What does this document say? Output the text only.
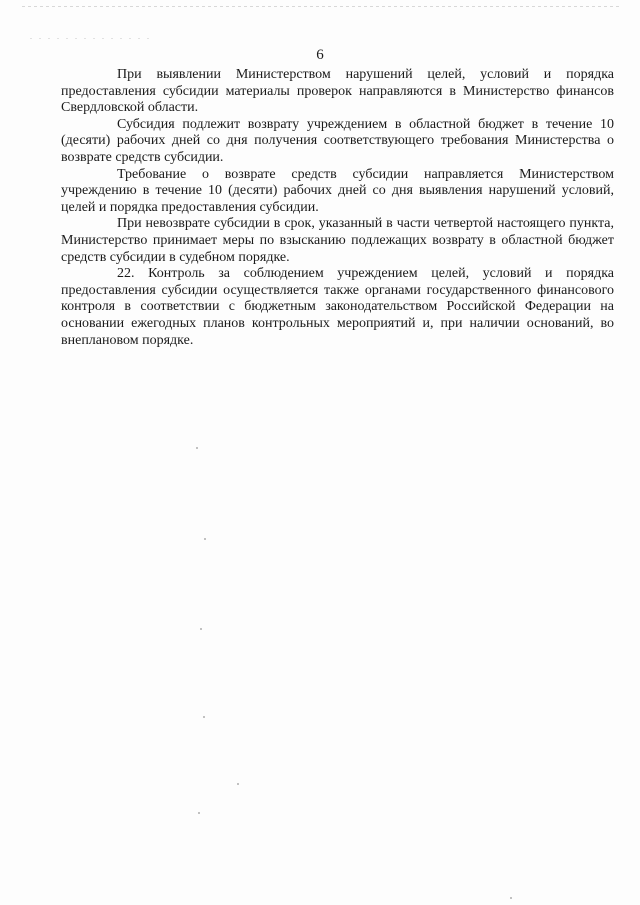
6

При выявлении Министерством нарушений целей, условий и порядка предоставления субсидии материалы проверок направляются в Министерство финансов Свердловской области.

Субсидия подлежит возврату учреждением в областной бюджет в течение 10 (десяти) рабочих дней со дня получения соответствующего требования Министерства о возврате средств субсидии.

Требование о возврате средств субсидии направляется Министерством учреждению в течение 10 (десяти) рабочих дней со дня выявления нарушений условий, целей и порядка предоставления субсидии.

При невозврате субсидии в срок, указанный в части четвертой настоящего пункта, Министерство принимает меры по взысканию подлежащих возврату в областной бюджет средств субсидии в судебном порядке.

22. Контроль за соблюдением учреждением целей, условий и порядка предоставления субсидии осуществляется также органами государственного финансового контроля в соответствии с бюджетным законодательством Российской Федерации на основании ежегодных планов контрольных мероприятий и, при наличии оснований, во внеплановом порядке.
